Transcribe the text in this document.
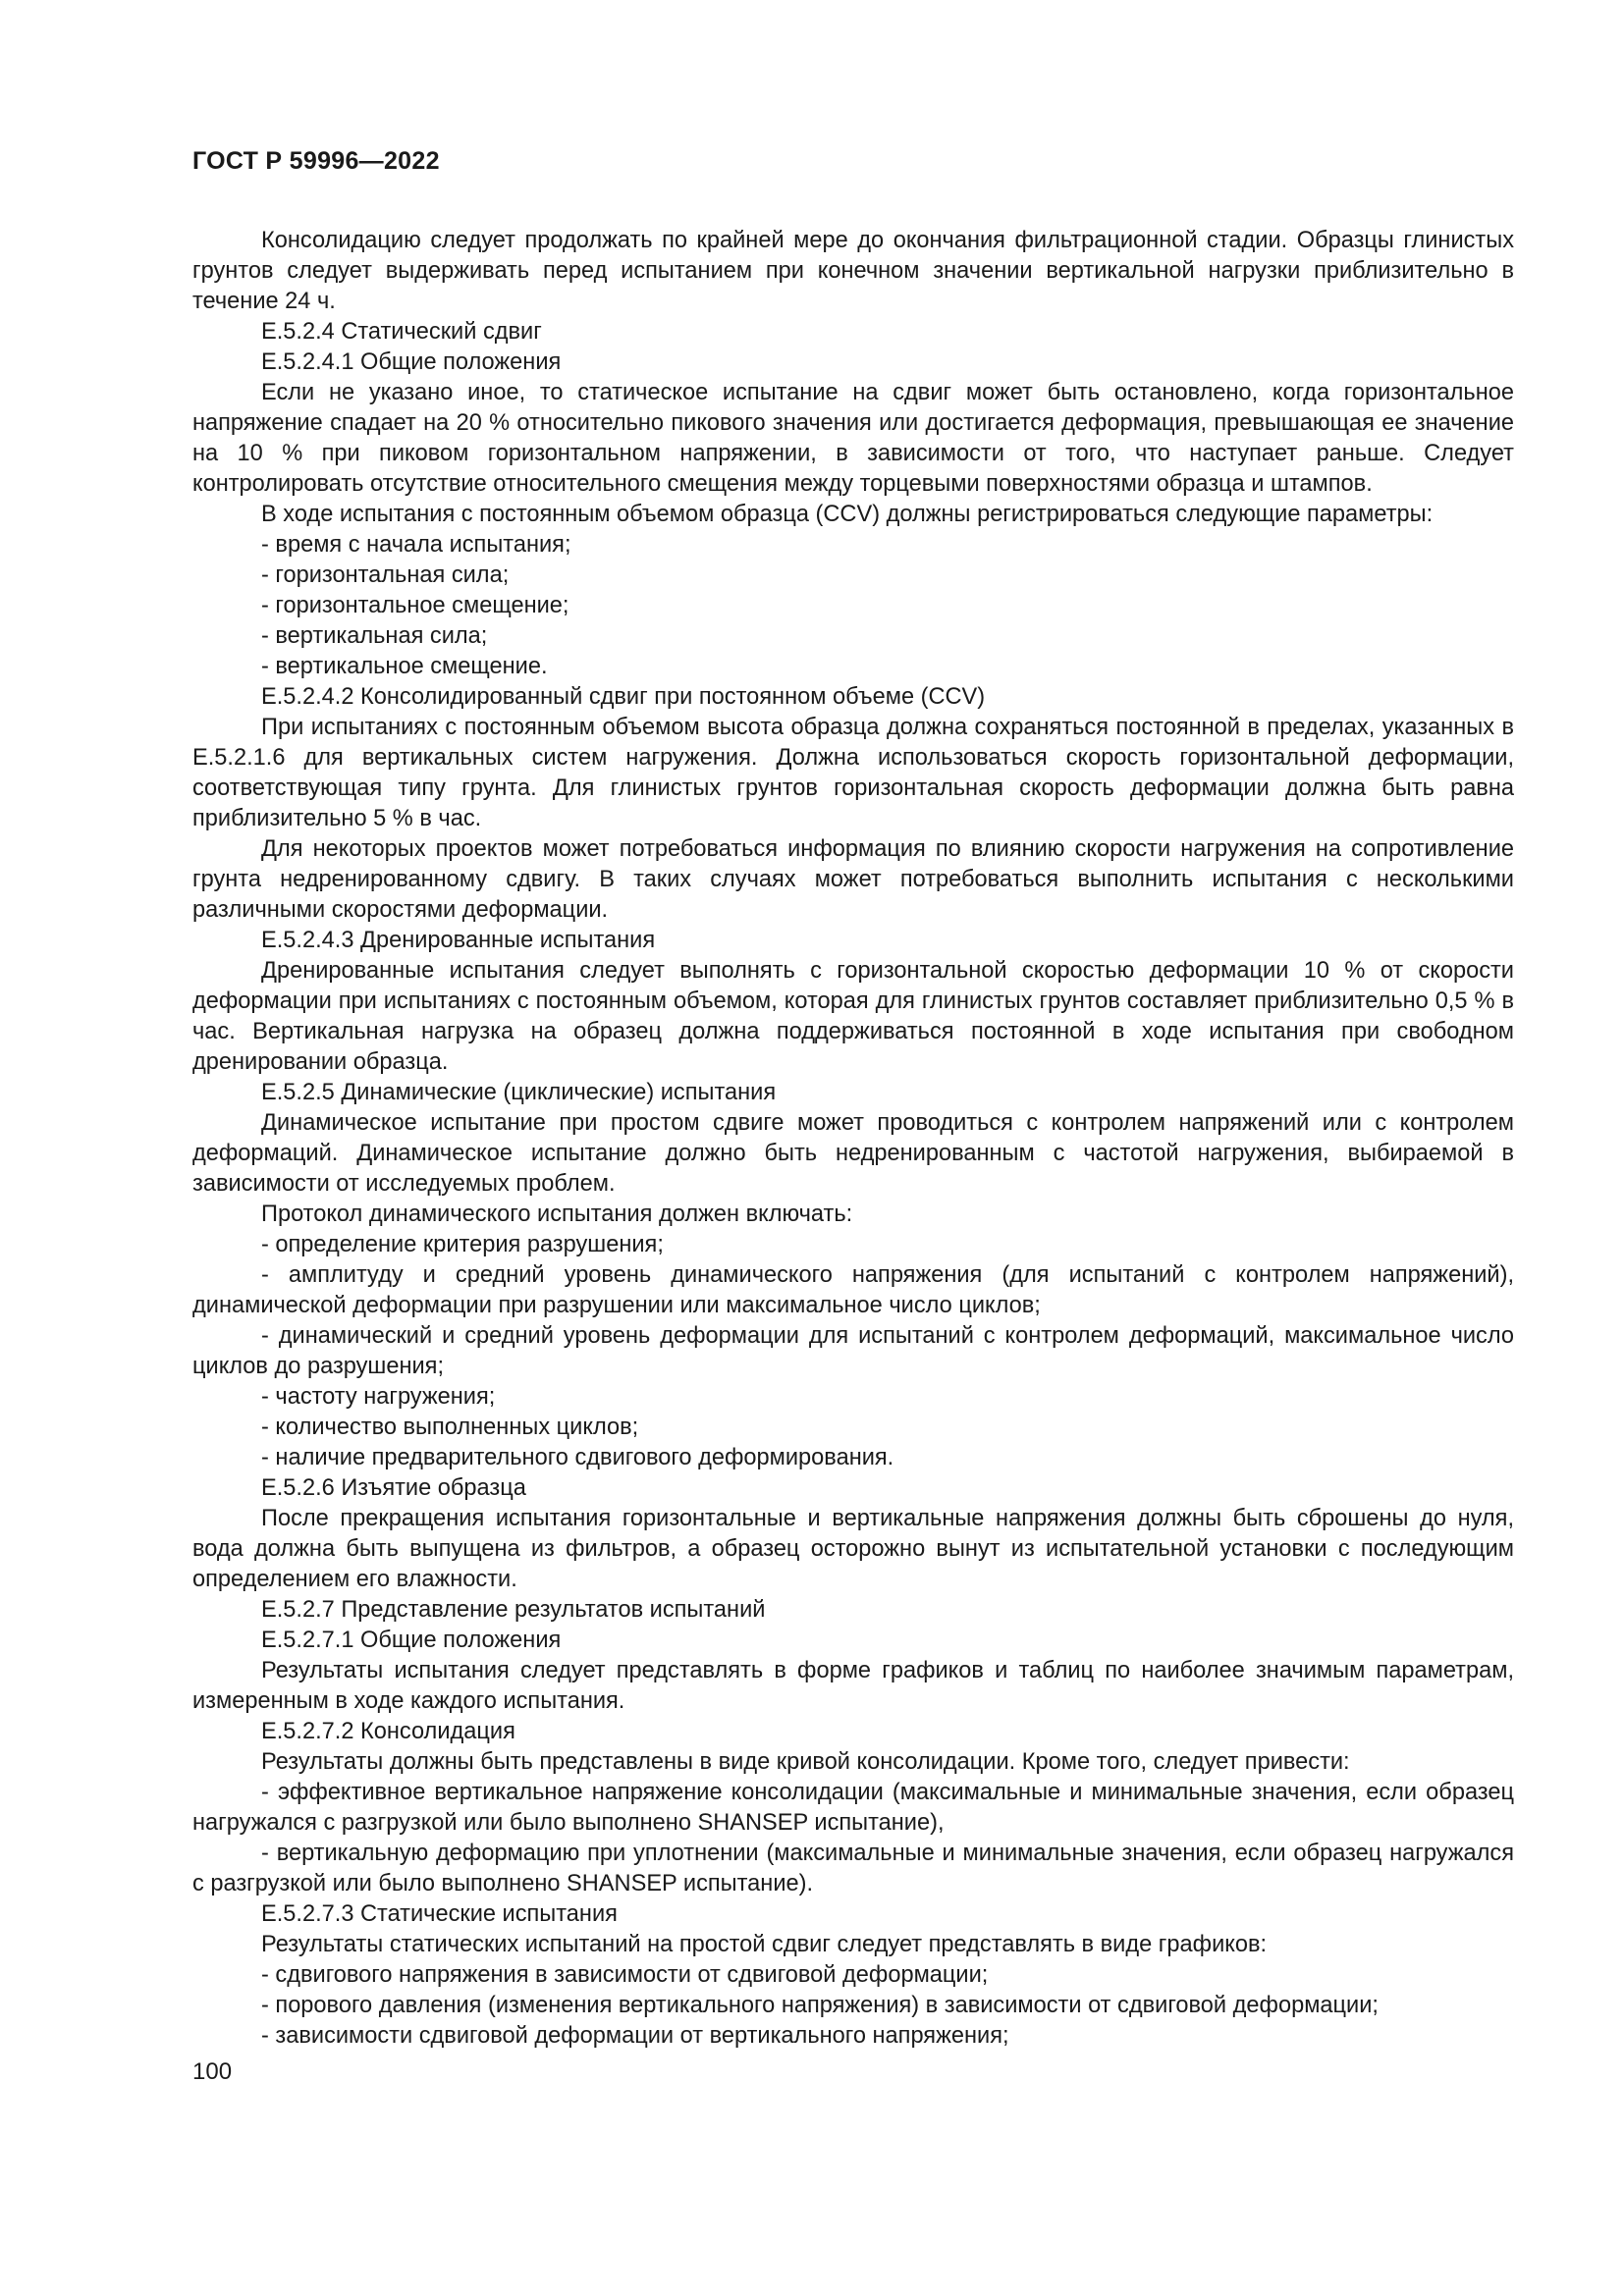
ГОСТ Р 59996—2022

Консолидацию следует продолжать по крайней мере до окончания фильтрационной стадии. Образцы глинистых грунтов следует выдерживать перед испытанием при конечном значении вертикальной нагрузки приблизительно в течение 24 ч.

Е.5.2.4 Статический сдвиг

Е.5.2.4.1 Общие положения

Если не указано иное, то статическое испытание на сдвиг может быть остановлено, когда горизонтальное напряжение спадает на 20 % относительно пикового значения или достигается деформация, превышающая ее значение на 10 % при пиковом горизонтальном напряжении, в зависимости от того, что наступает раньше. Следует контролировать отсутствие относительного смещения между торцевыми поверхностями образца и штампов.

В ходе испытания с постоянным объемом образца (CCV) должны регистрироваться следующие параметры:

- время с начала испытания;

- горизонтальная сила;

- горизонтальное смещение;

- вертикальная сила;

- вертикальное смещение.

Е.5.2.4.2 Консолидированный сдвиг при постоянном объеме (CCV)

При испытаниях с постоянным объемом высота образца должна сохраняться постоянной в пределах, указанных в Е.5.2.1.6 для вертикальных систем нагружения. Должна использоваться скорость горизонтальной деформации, соответствующая типу грунта. Для глинистых грунтов горизонтальная скорость деформации должна быть равна приблизительно 5 % в час.

Для некоторых проектов может потребоваться информация по влиянию скорости нагружения на сопротивление грунта недренированному сдвигу. В таких случаях может потребоваться выполнить испытания с несколькими различными скоростями деформации.

Е.5.2.4.3 Дренированные испытания

Дренированные испытания следует выполнять с горизонтальной скоростью деформации 10 % от скорости деформации при испытаниях с постоянным объемом, которая для глинистых грунтов составляет приблизительно 0,5 % в час. Вертикальная нагрузка на образец должна поддерживаться постоянной в ходе испытания при свободном дренировании образца.

Е.5.2.5 Динамические (циклические) испытания

Динамическое испытание при простом сдвиге может проводиться с контролем напряжений или с контролем деформаций. Динамическое испытание должно быть недренированным с частотой нагружения, выбираемой в зависимости от исследуемых проблем.

Протокол динамического испытания должен включать:

- определение критерия разрушения;

- амплитуду и средний уровень динамического напряжения (для испытаний с контролем напряжений), динамической деформации при разрушении или максимальное число циклов;

- динамический и средний уровень деформации для испытаний с контролем деформаций, максимальное число циклов до разрушения;

- частоту нагружения;

- количество выполненных циклов;

- наличие предварительного сдвигового деформирования.

Е.5.2.6 Изъятие образца

После прекращения испытания горизонтальные и вертикальные напряжения должны быть сброшены до нуля, вода должна быть выпущена из фильтров, а образец осторожно вынут из испытательной установки с последующим определением его влажности.

Е.5.2.7 Представление результатов испытаний

Е.5.2.7.1 Общие положения

Результаты испытания следует представлять в форме графиков и таблиц по наиболее значимым параметрам, измеренным в ходе каждого испытания.

Е.5.2.7.2 Консолидация

Результаты должны быть представлены в виде кривой консолидации. Кроме того, следует привести:

- эффективное вертикальное напряжение консолидации (максимальные и минимальные значения, если образец нагружался с разгрузкой или было выполнено SHANSEP испытание),

- вертикальную деформацию при уплотнении (максимальные и минимальные значения, если образец нагружался с разгрузкой или было выполнено SHANSEP испытание).

Е.5.2.7.3 Статические испытания

Результаты статических испытаний на простой сдвиг следует представлять в виде графиков:

- сдвигового напряжения в зависимости от сдвиговой деформации;

- порового давления (изменения вертикального напряжения) в зависимости от сдвиговой деформации;

- зависимости сдвиговой деформации от вертикального напряжения;

100
